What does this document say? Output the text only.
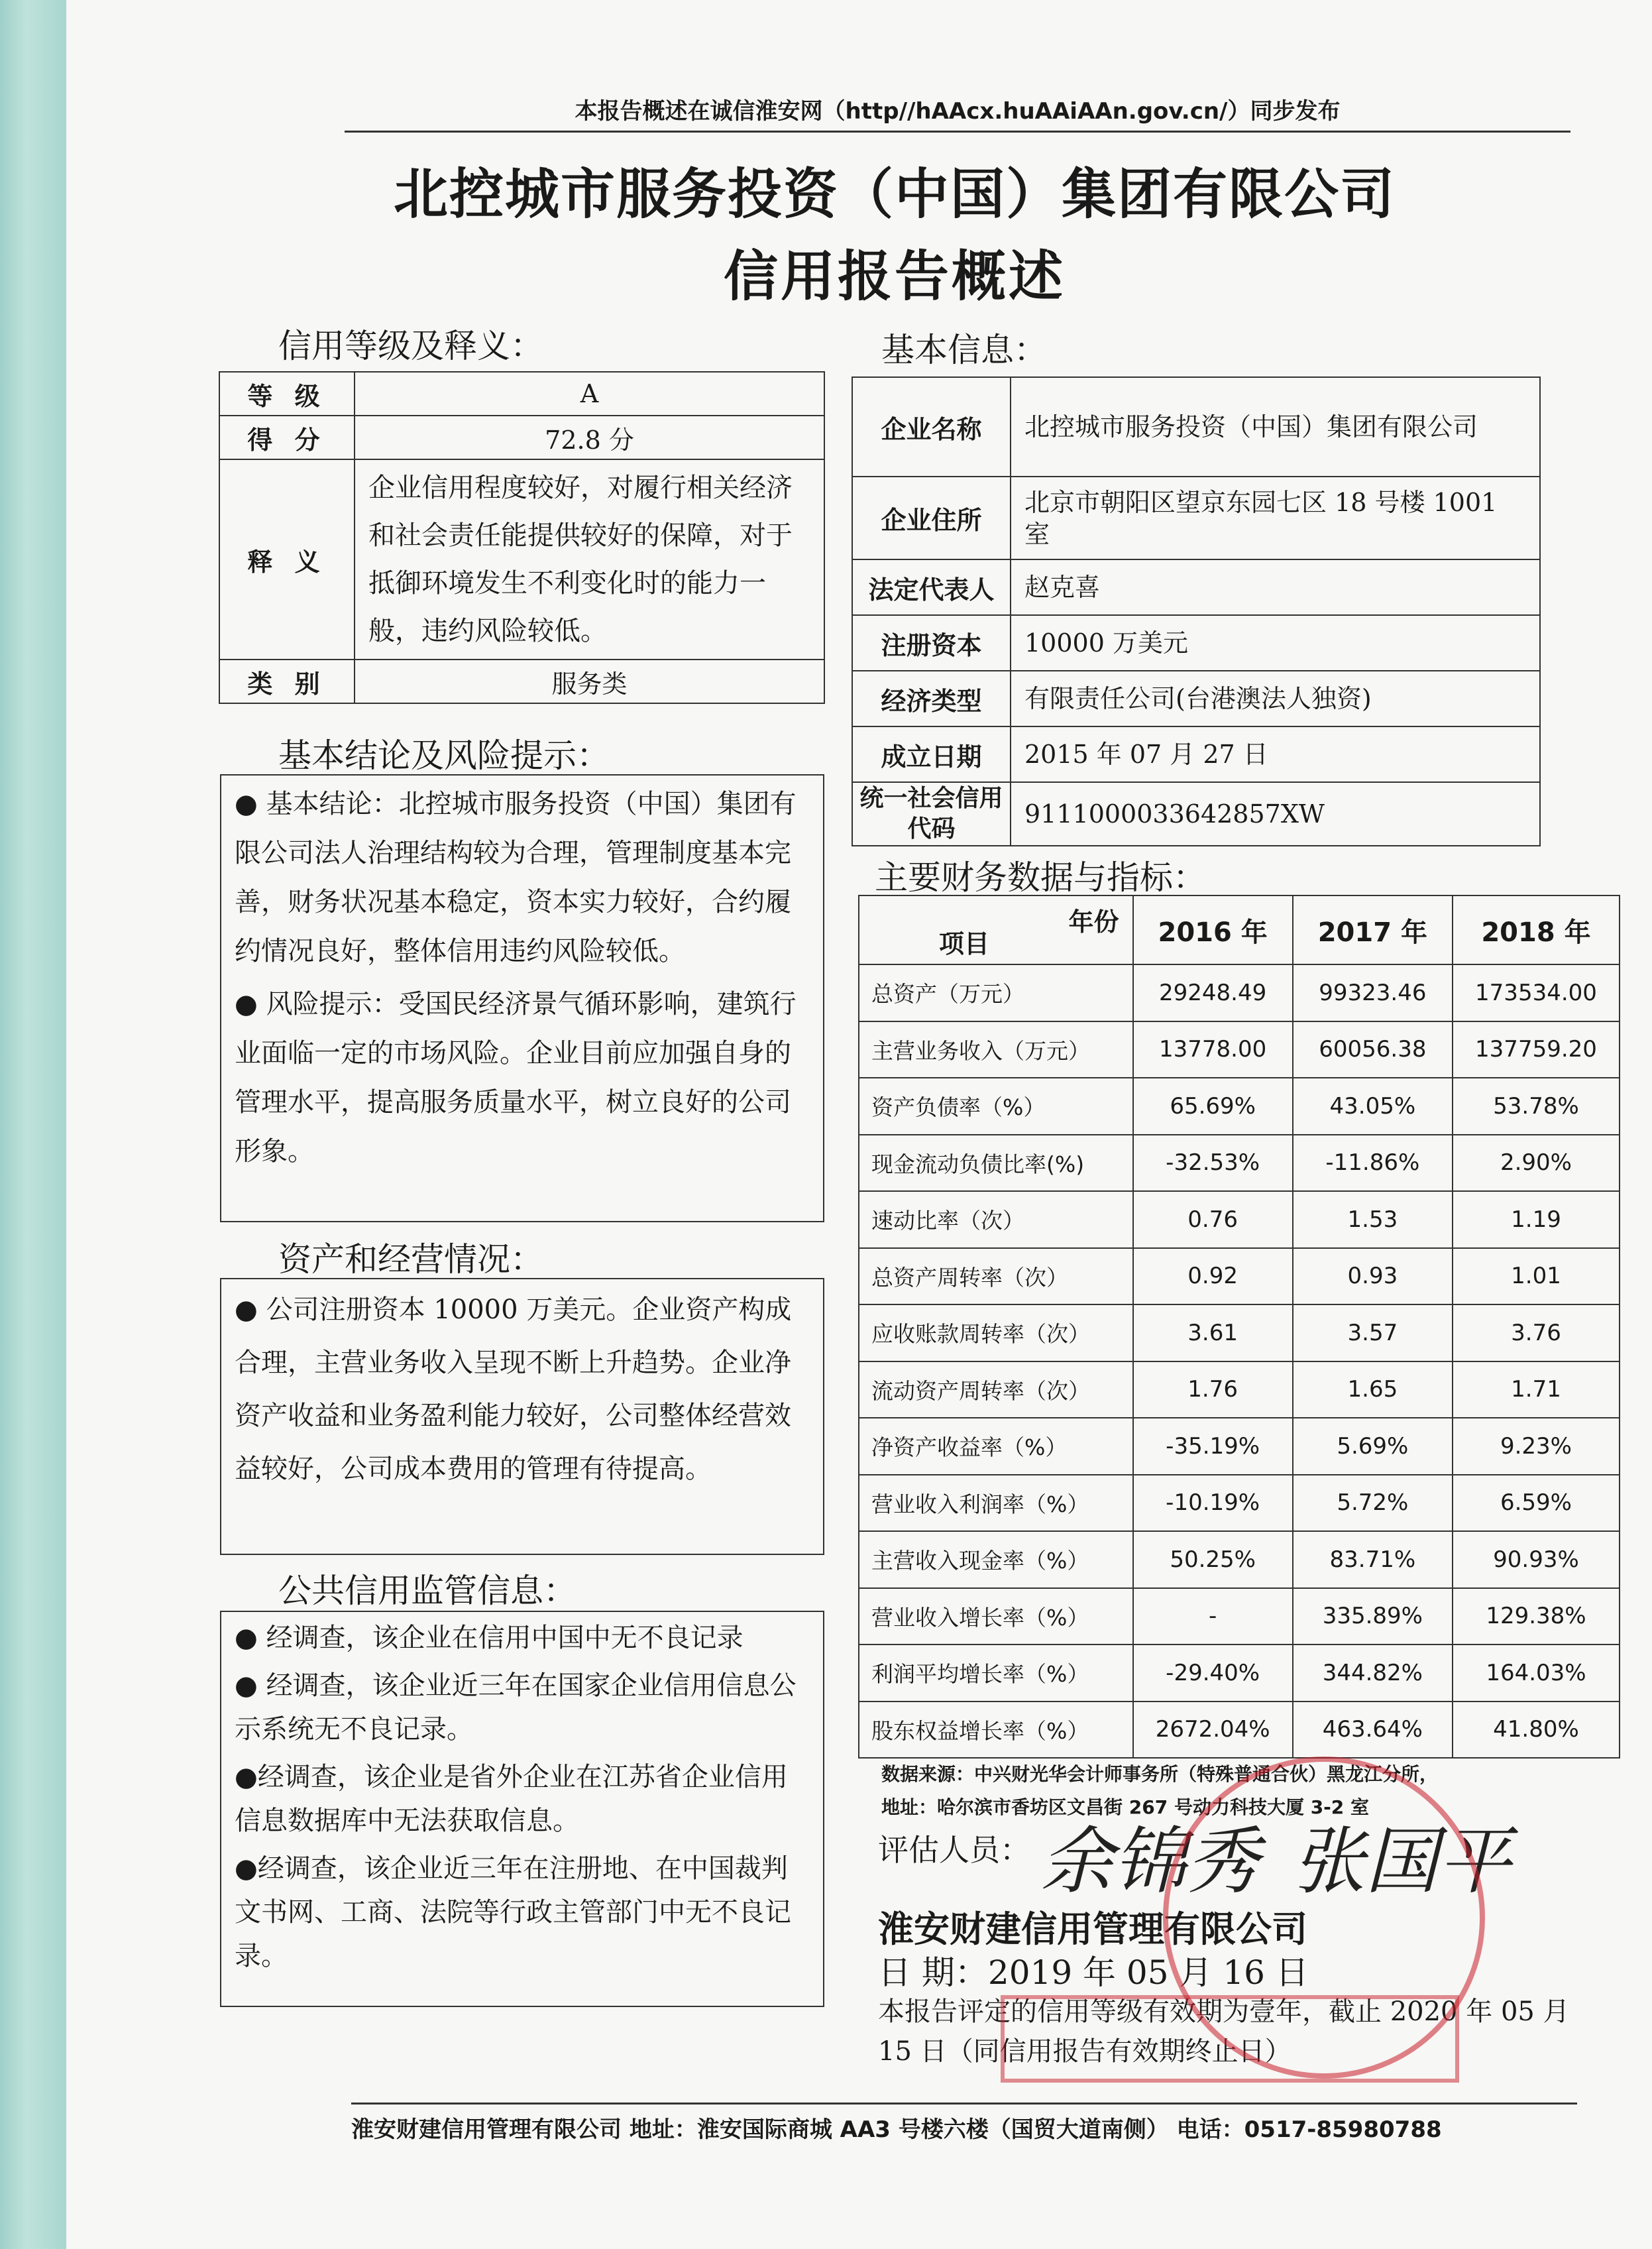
本报告概述在诚信淮安网（http//hAAcx.huAAiAAn.gov.cn/）同步发布
北控城市服务投资（中国）集团有限公司
信用报告概述
信用等级及释义：
等 级	A
得 分	72.8 分
释 义	企业信用程度较好，对履行相关经济和社会责任能提供较好的保障，对于抵御环境发生不利变化时的能力一般，违约风险较低。
类 别	服务类
基本结论及风险提示：

● 基本结论：北控城市服务投资（中国）集团有限公司法人治理结构较为合理，管理制度基本完善，财务状况基本稳定，资本实力较好，合约履约情况良好，整体信用违约风险较低。

● 风险提示：受国民经济景气循环影响，建筑行业面临一定的市场风险。企业目前应加强自身的管理水平，提高服务质量水平，树立良好的公司形象。

资产和经营情况：

● 公司注册资本 10000 万美元。企业资产构成合理，主营业务收入呈现不断上升趋势。企业净资产收益和业务盈利能力较好，公司整体经营效益较好，公司成本费用的管理有待提高。

公共信用监管信息：

● 经调查，该企业在信用中国中无不良记录

● 经调查，该企业近三年在国家企业信用信息公示系统无不良记录。

●经调查，该企业是省外企业在江苏省企业信用信息数据库中无法获取信息。

●经调查，该企业近三年在注册地、在中国裁判文书网、工商、法院等行政主管部门中无不良记录。

基本信息：
企业名称	北控城市服务投资（中国）集团有限公司
企业住所	北京市朝阳区望京东园七区 18 号楼 1001 室
法定代表人	赵克喜
注册资本	10000 万美元
经济类型	有限责任公司(台港澳法人独资)
成立日期	2015 年 07 月 27 日
统一社会信用代码	9111000033642857XW
主要财务数据与指标：
年份
项目	2016 年	2017 年	2018 年
总资产（万元）	29248.49	99323.46	173534.00
主营业务收入（万元）	13778.00	60056.38	137759.20
资产负债率（%）	65.69%	43.05%	53.78%
现金流动负债比率(%)	-32.53%	-11.86%	2.90%
速动比率（次）	0.76	1.53	1.19
总资产周转率（次）	0.92	0.93	1.01
应收账款周转率（次）	3.61	3.57	3.76
流动资产周转率（次）	1.76	1.65	1.71
净资产收益率（%）	-35.19%	5.69%	9.23%
营业收入利润率（%）	-10.19%	5.72%	6.59%
主营收入现金率（%）	50.25%	83.71%	90.93%
营业收入增长率（%）	-	335.89%	129.38%
利润平均增长率（%）	-29.40%	344.82%	164.03%
股东权益增长率（%）	2672.04%	463.64%	41.80%
数据来源：中兴财光华会计师事务所（特殊普通合伙）黑龙江分所，
地址：哈尔滨市香坊区文昌街 267 号动力科技大厦 3-2 室
评估人员： 余锦秀 张国平
淮安财建信用管理有限公司
日 期：2019 年 05 月 16 日
本报告评定的信用等级有效期为壹年，截止 2020 年 05 月 15 日（同信用报告有效期终止日）
淮安财建信用管理有限公司 地址：淮安国际商城 AA3 号楼六楼（国贸大道南侧） 电话：0517-85980788
